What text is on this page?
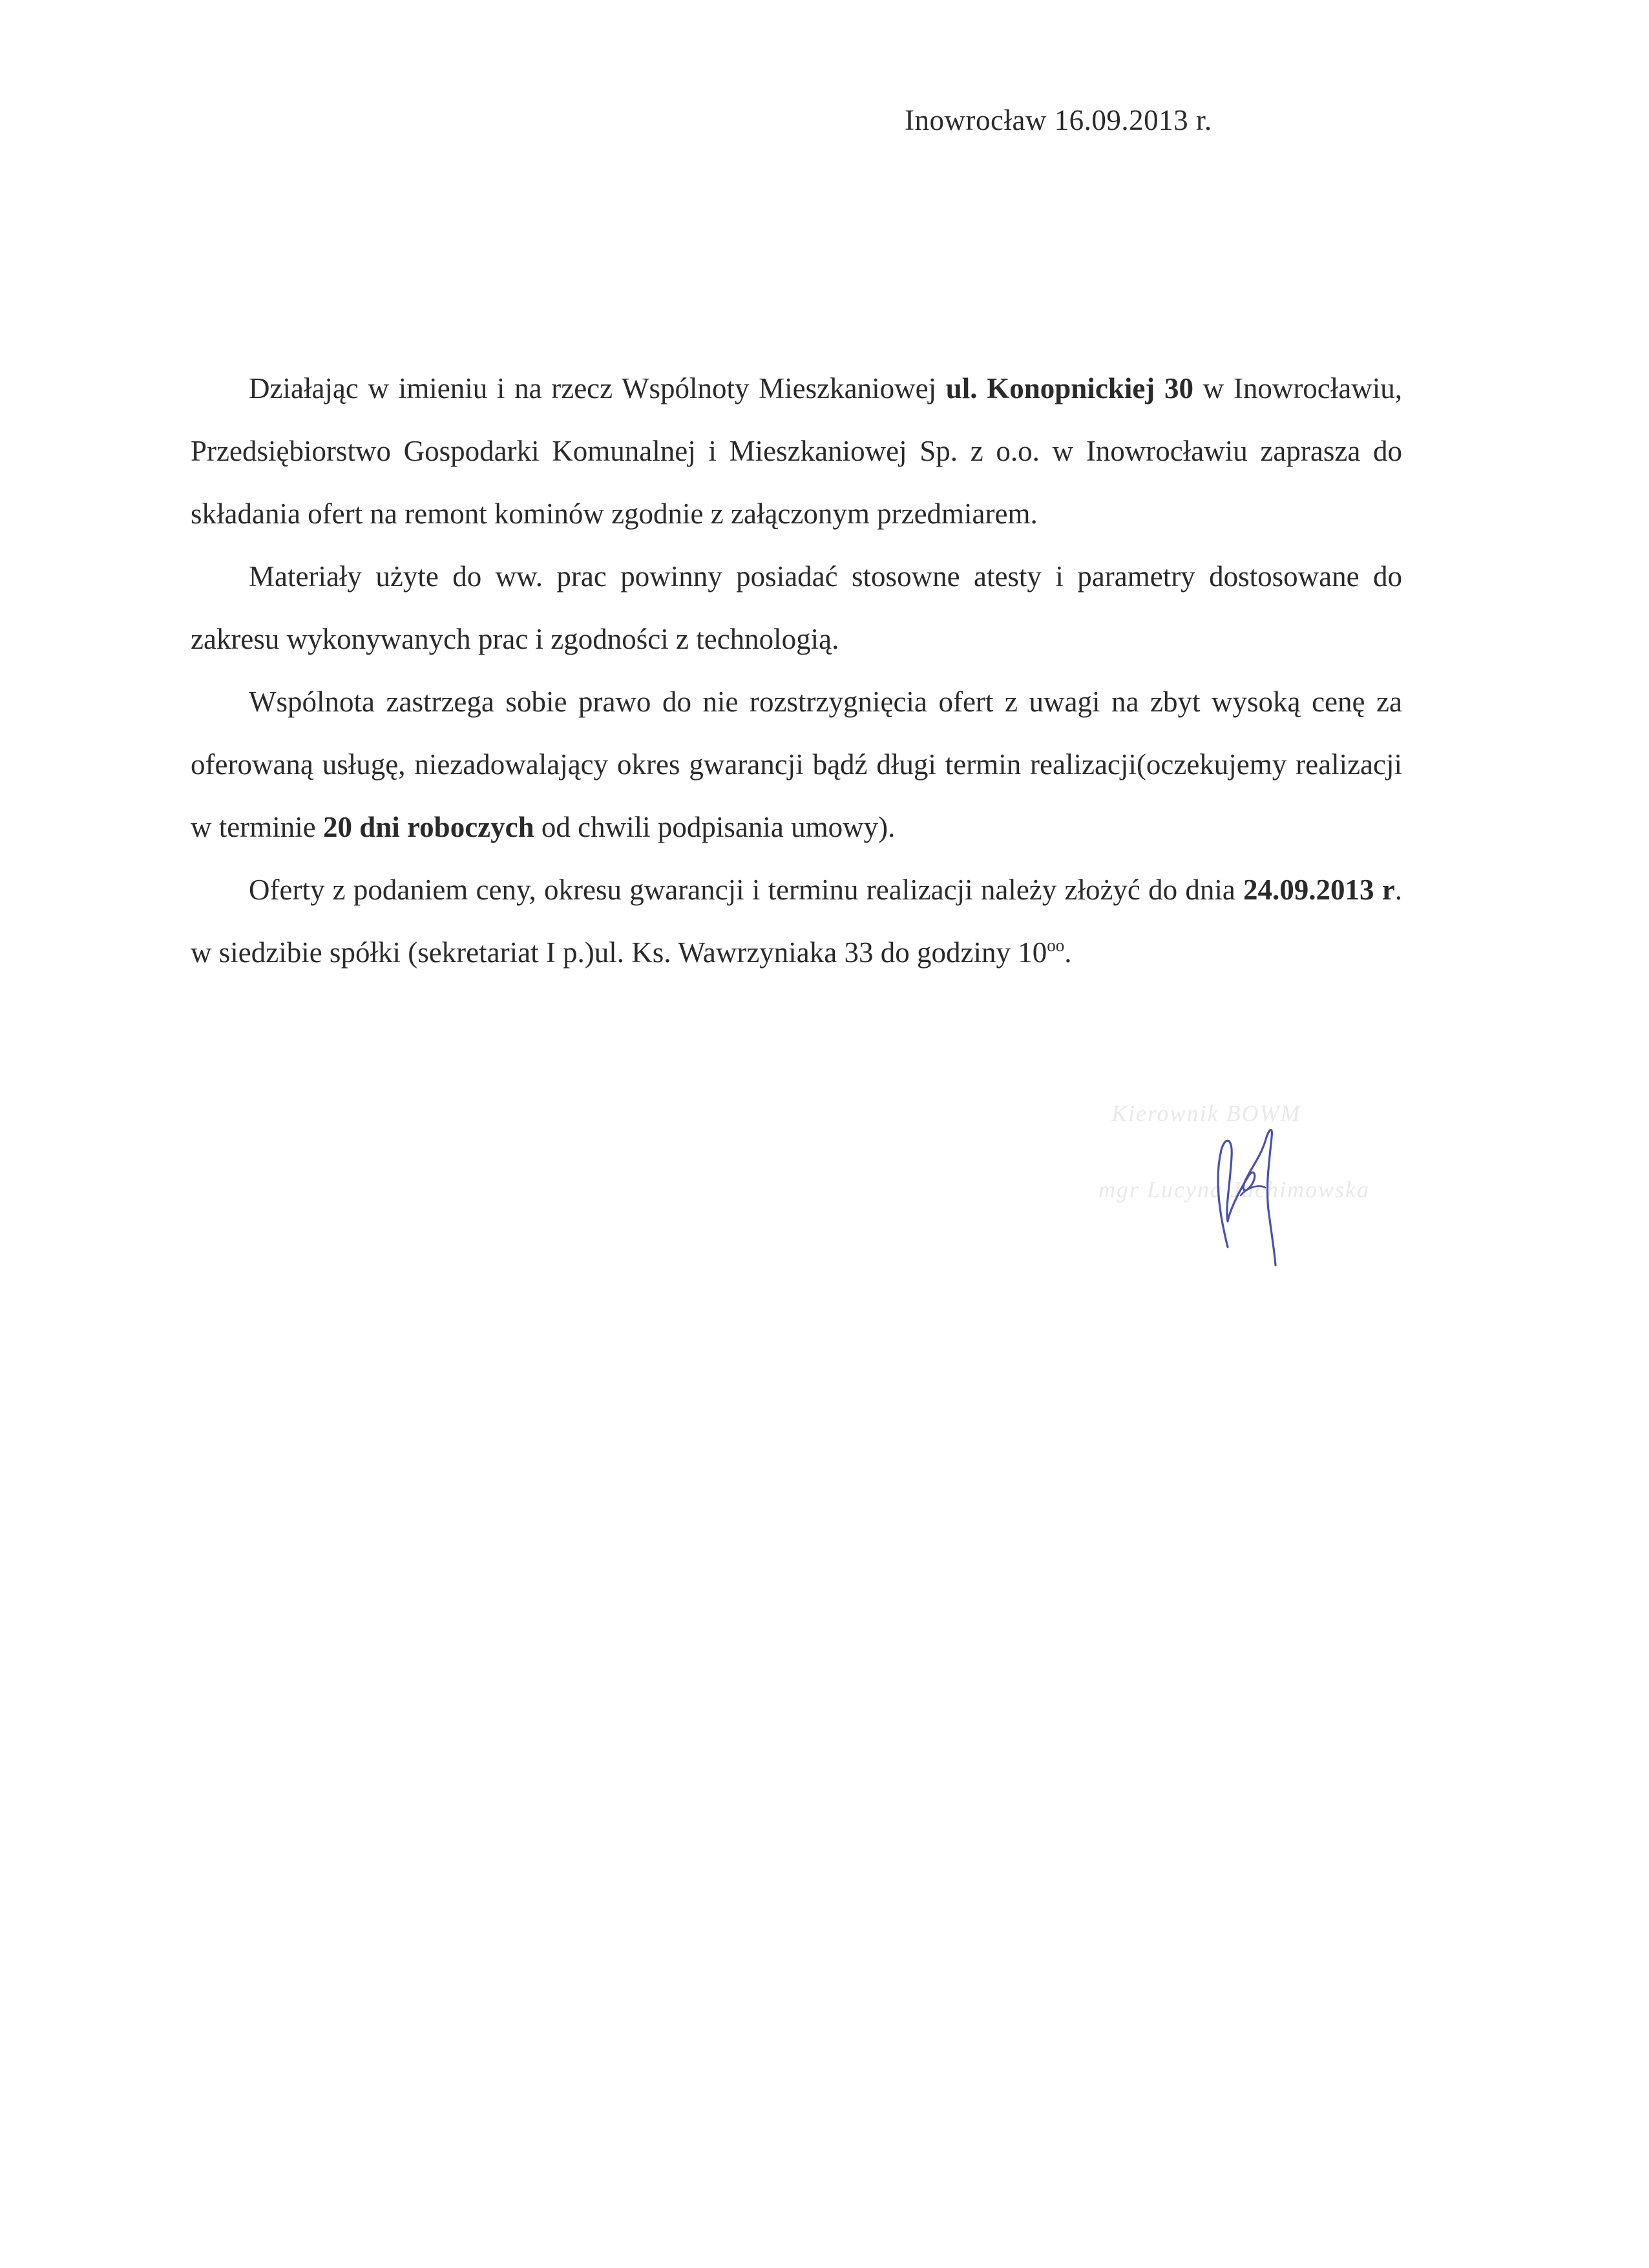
Inowrocław 16.09.2013 r.

Działając w imieniu i na rzecz Wspólnoty Mieszkaniowej ul. Konopnickiej 30 w Inowrocławiu, Przedsiębiorstwo Gospodarki Komunalnej i Mieszkaniowej Sp. z o.o. w Inowrocławiu zaprasza do składania ofert na remont kominów zgodnie z załączonym przedmiarem.

Materiały użyte do ww. prac powinny posiadać stosowne atesty i parametry dostosowane do zakresu wykonywanych prac i zgodności z technologią.

Wspólnota zastrzega sobie prawo do nie rozstrzygnięcia ofert z uwagi na zbyt wysoką cenę za oferowaną usługę, niezadowalający okres gwarancji bądź długi termin realizacji(oczekujemy realizacji w terminie 20 dni roboczych od chwili podpisania umowy).

Oferty z podaniem ceny, okresu gwarancji i terminu realizacji należy złożyć do dnia 24.09.2013 r. w siedzibie spółki (sekretariat I p.)ul. Ks. Wawrzyniaka 33 do godziny $10^{oo}$.

Kierownik BOWM
mgr Lucyna Jachimowska
